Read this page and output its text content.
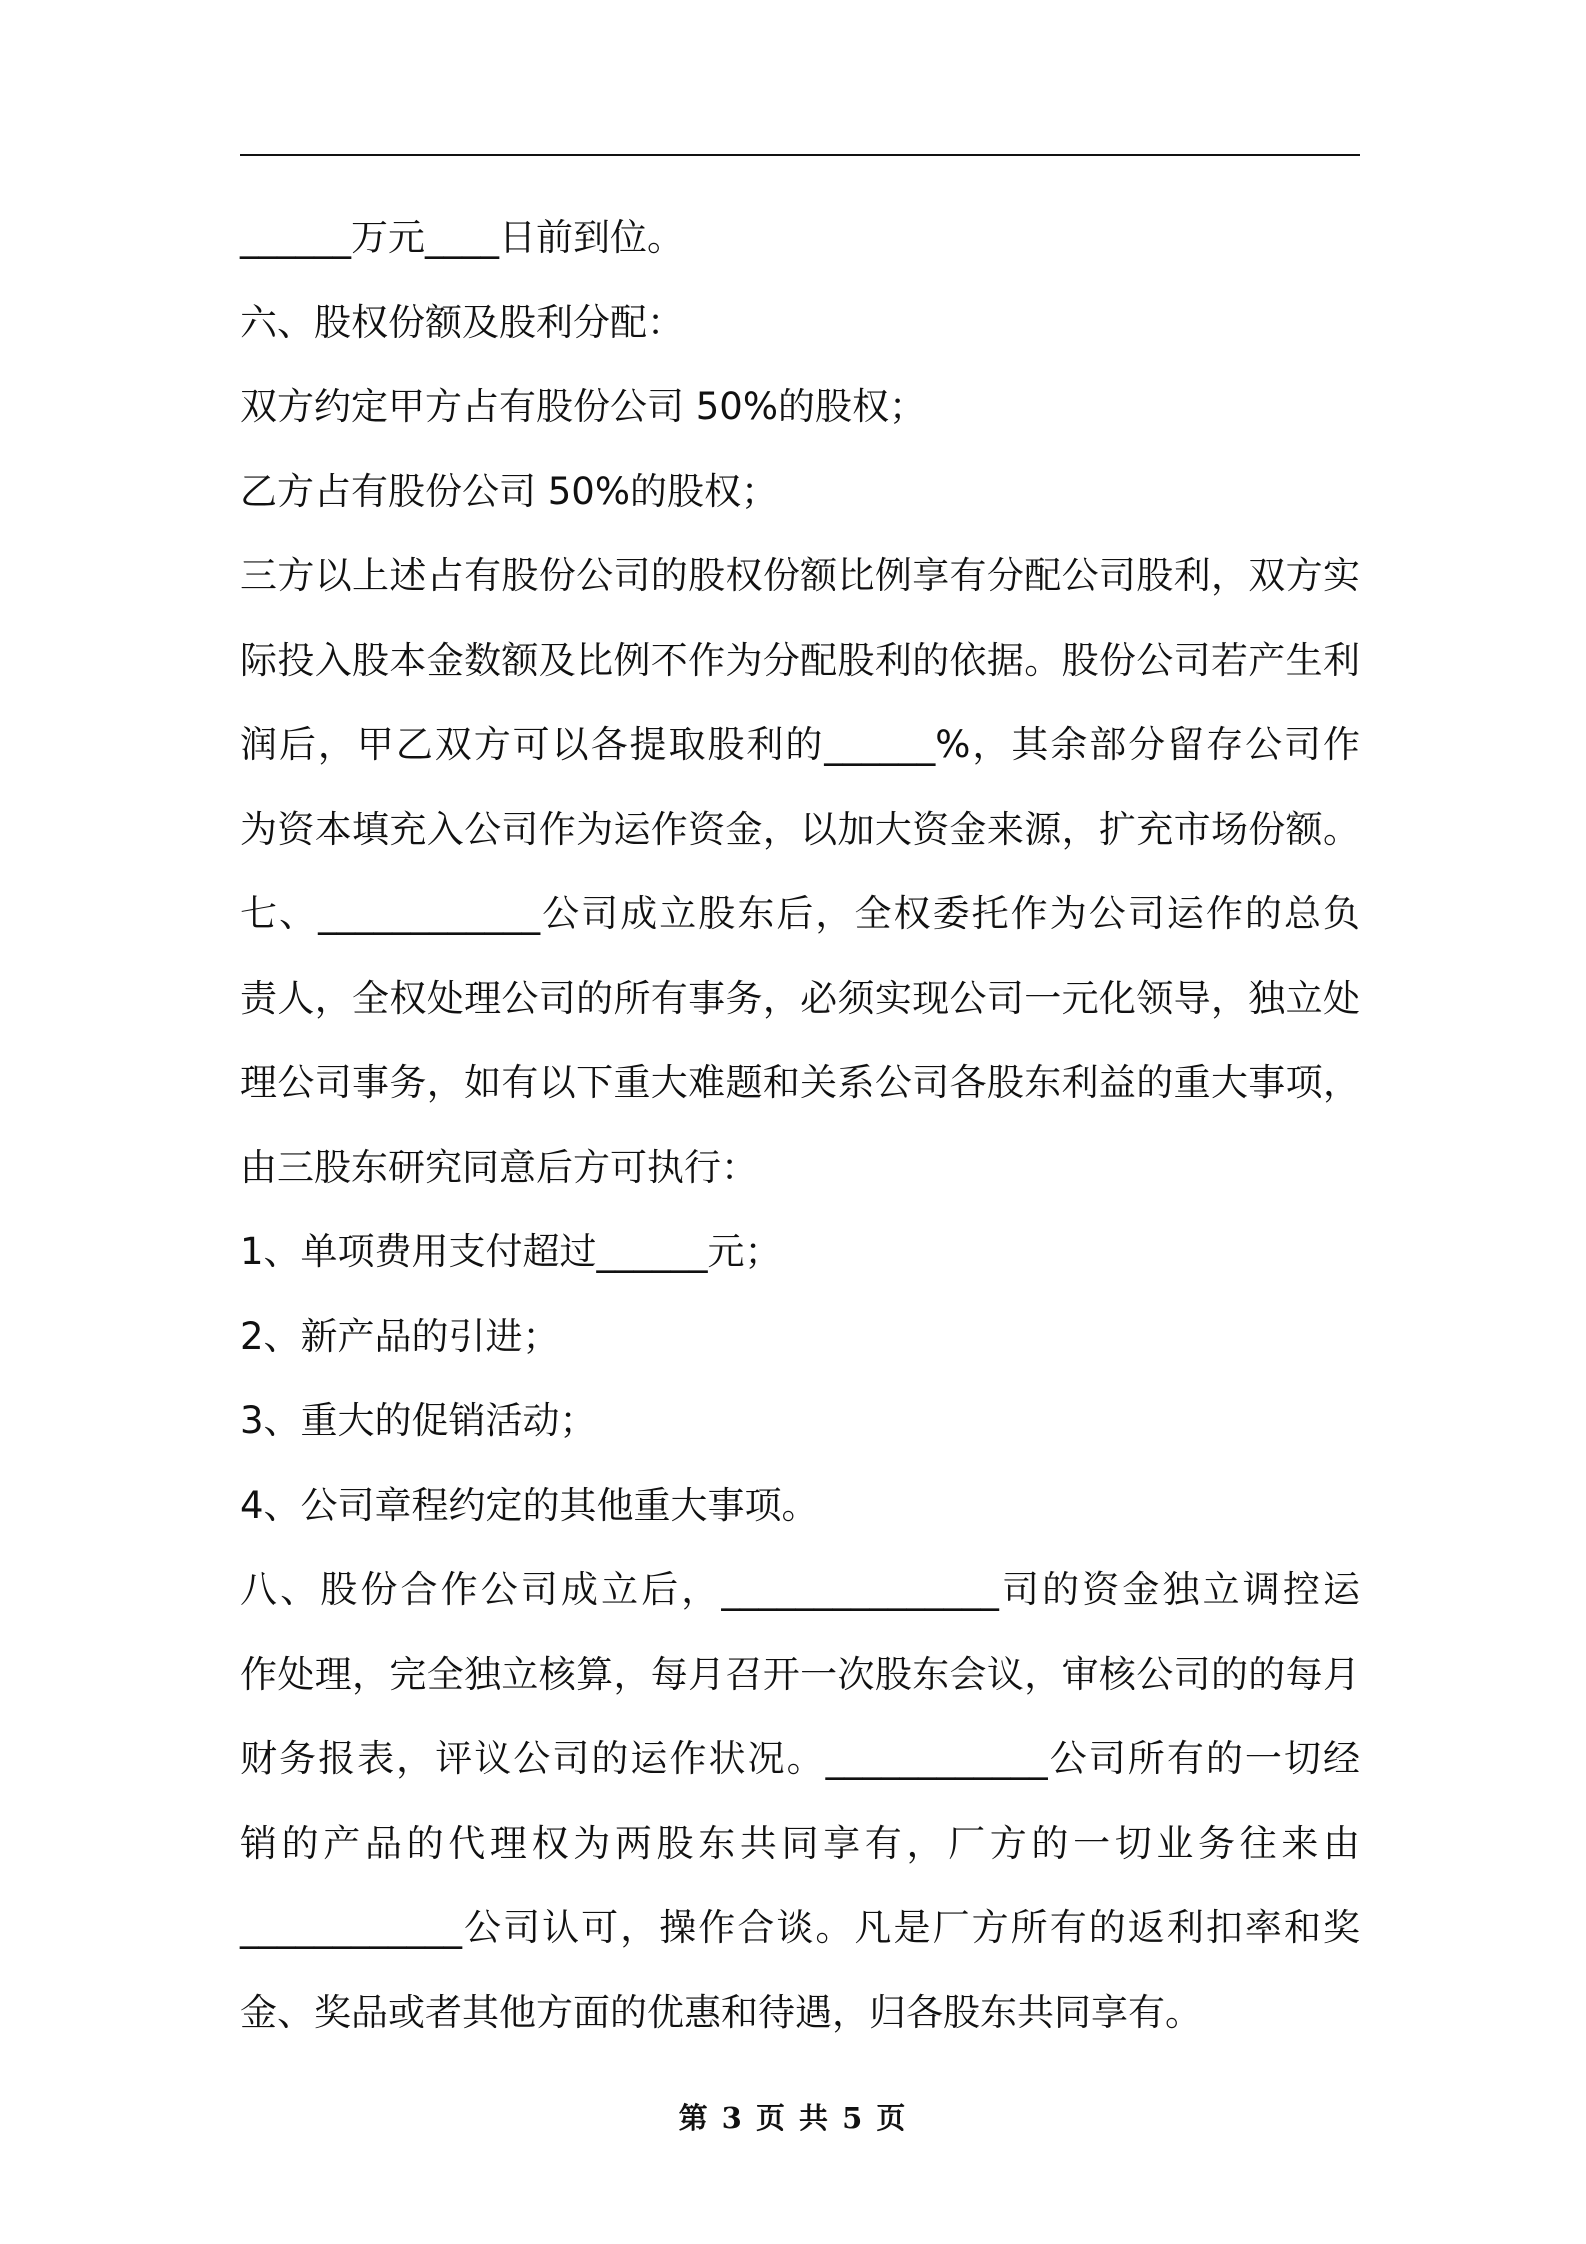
______万元____日前到位。
六、股权份额及股利分配：
双方约定甲方占有股份公司 50%的股权；
乙方占有股份公司 50%的股权；
三方以上述占有股份公司的股权份额比例享有分配公司股利，双方实
际投入股本金数额及比例不作为分配股利的依据。股份公司若产生利
润后，甲乙双方可以各提取股利的______%，其余部分留存公司作
为资本填充入公司作为运作资金，以加大资金来源，扩充市场份额。
七、____________公司成立股东后，全权委托作为公司运作的总负
责人，全权处理公司的所有事务，必须实现公司一元化领导，独立处
理公司事务，如有以下重大难题和关系公司各股东利益的重大事项，
由三股东研究同意后方可执行：
1、单项费用支付超过______元；
2、新产品的引进；
3、重大的促销活动；
4、公司章程约定的其他重大事项。
八、股份合作公司成立后，_______________司的资金独立调控运
作处理，完全独立核算，每月召开一次股东会议，审核公司的的每月
财务报表，评议公司的运作状况。____________公司所有的一切经
销的产品的代理权为两股东共同享有，厂方的一切业务往来由
____________公司认可，操作合谈。凡是厂方所有的返利扣率和奖
金、奖品或者其他方面的优惠和待遇，归各股东共同享有。
第 3 页 共 5 页
